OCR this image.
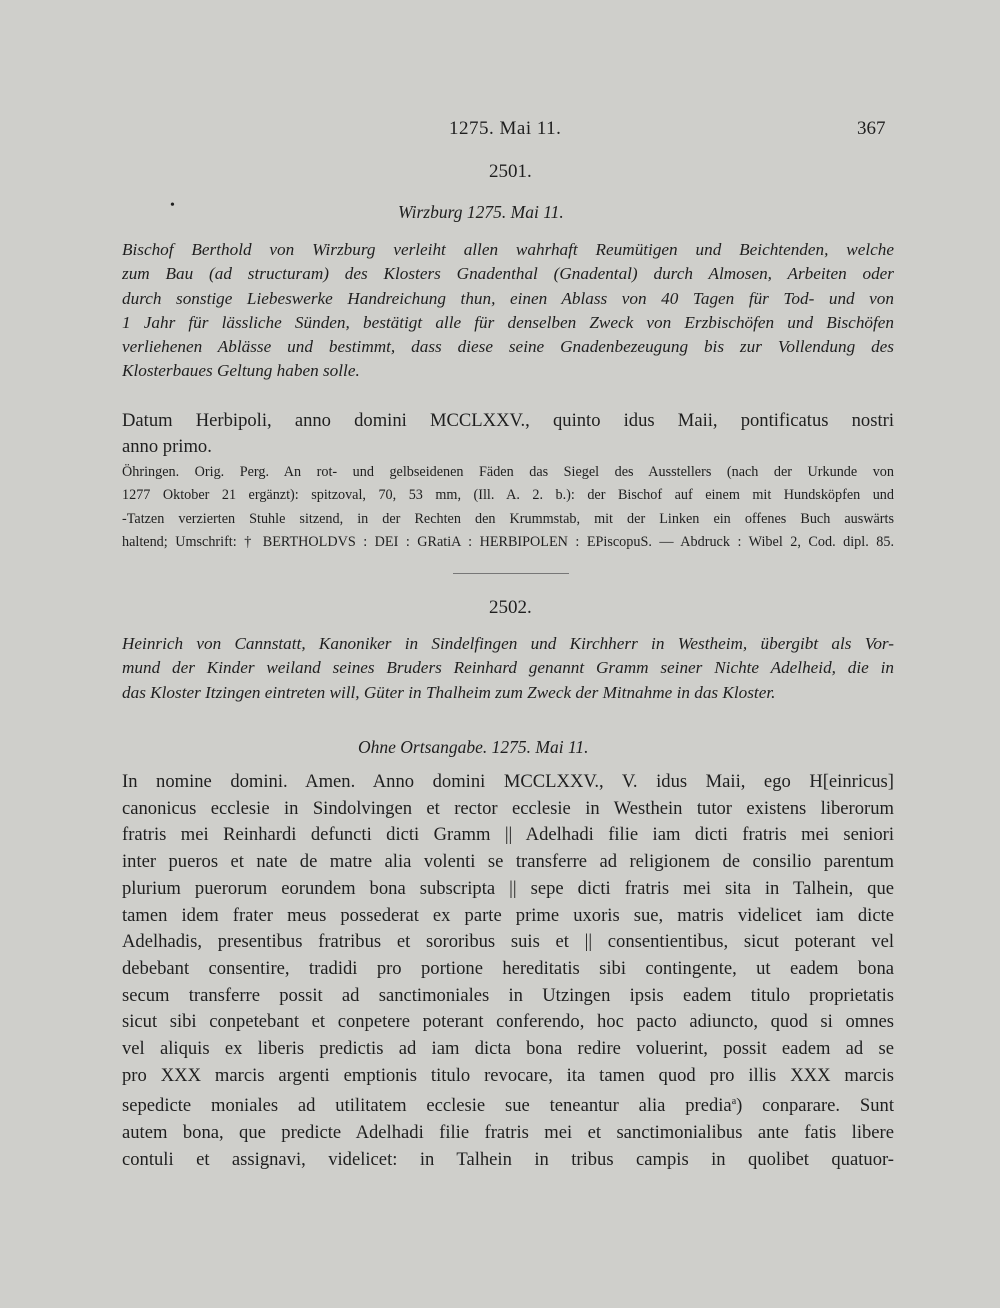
1275. Mai 11.	367
2501.
•	Wirzburg 1275. Mai 11.
Bischof Berthold von Wirzburg verleiht allen wahrhaft Reumütigen und Beichtenden, welche
zum Bau (ad structuram) des Klosters Gnadenthal (Gnadental) durch Almosen, Arbeiten oder
durch sonstige Liebeswerke Handreichung thun, einen Ablass von 40 Tagen für Tod- und von
1 Jahr für lässliche Sünden, bestätigt alle für denselben Zweck von Erzbischöfen und Bischöfen
verliehenen Ablässe und bestimmt, dass diese seine Gnadenbezeugung bis zur Vollendung des
Klosterbaues Geltung haben solle.
Datum Herbipoli, anno domini MCCLXXV., quinto idus Maii, pontificatus nostri
anno primo.
Öhringen. Orig. Perg. An rot- und gelbseidenen Fäden das Siegel des Ausstellers (nach der Urkunde von
1277 Oktober 21 ergänzt): spitzoval, 70, 53 mm, (Ill. A. 2. b.): der Bischof auf einem mit Hundsköpfen und
-Tatzen verzierten Stuhle sitzend, in der Rechten den Krummstab, mit der Linken ein offenes Buch auswärts
haltend; Umschrift: † BERTHOLDVS : DEI : GRatiA : HERBIPOLEN : EPiscopuS. — Abdruck : Wibel 2, Cod. dipl. 85.
2502.
Heinrich von Cannstatt, Kanoniker in Sindelfingen und Kirchherr in Westheim, übergibt als Vor-
mund der Kinder weiland seines Bruders Reinhard genannt Gramm seiner Nichte Adelheid, die in
das Kloster Itzingen eintreten will, Güter in Thalheim zum Zweck der Mitnahme in das Kloster.
Ohne Ortsangabe. 1275. Mai 11.
In nomine domini. Amen. Anno domini MCCLXXV., V. idus Maii, ego H[einricus]
canonicus ecclesie in Sindolvingen et rector ecclesie in Westhein tutor existens liberorum
fratris mei Reinhardi defuncti dicti Gramm || Adelhadi filie iam dicti fratris mei seniori
inter pueros et nate de matre alia volenti se transferre ad religionem de consilio parentum
plurium puerorum eorundem bona subscripta || sepe dicti fratris mei sita in Talhein, que
tamen idem frater meus possederat ex parte prime uxoris sue, matris videlicet iam dicte
Adelhadis, presentibus fratribus et sororibus suis et || consentientibus, sicut poterant vel
debebant consentire, tradidi pro portione hereditatis sibi contingente, ut eadem bona
secum transferre possit ad sanctimoniales in Utzingen ipsis eadem titulo proprietatis
sicut sibi conpetebant et conpetere poterant conferendo, hoc pacto adiuncto, quod si omnes
vel aliquis ex liberis predictis ad iam dicta bona redire voluerint, possit eadem ad se
pro XXX marcis argenti emptionis titulo revocare, ita tamen quod pro illis XXX marcis
sepedicte moniales ad utilitatem ecclesie sue teneantur alia predia$^a$) conparare. Sunt
autem bona, que predicte Adelhadi filie fratris mei et sanctimonialibus ante fatis libere
contuli et assignavi, videlicet: in Talhein in tribus campis in quolibet quatuor-
